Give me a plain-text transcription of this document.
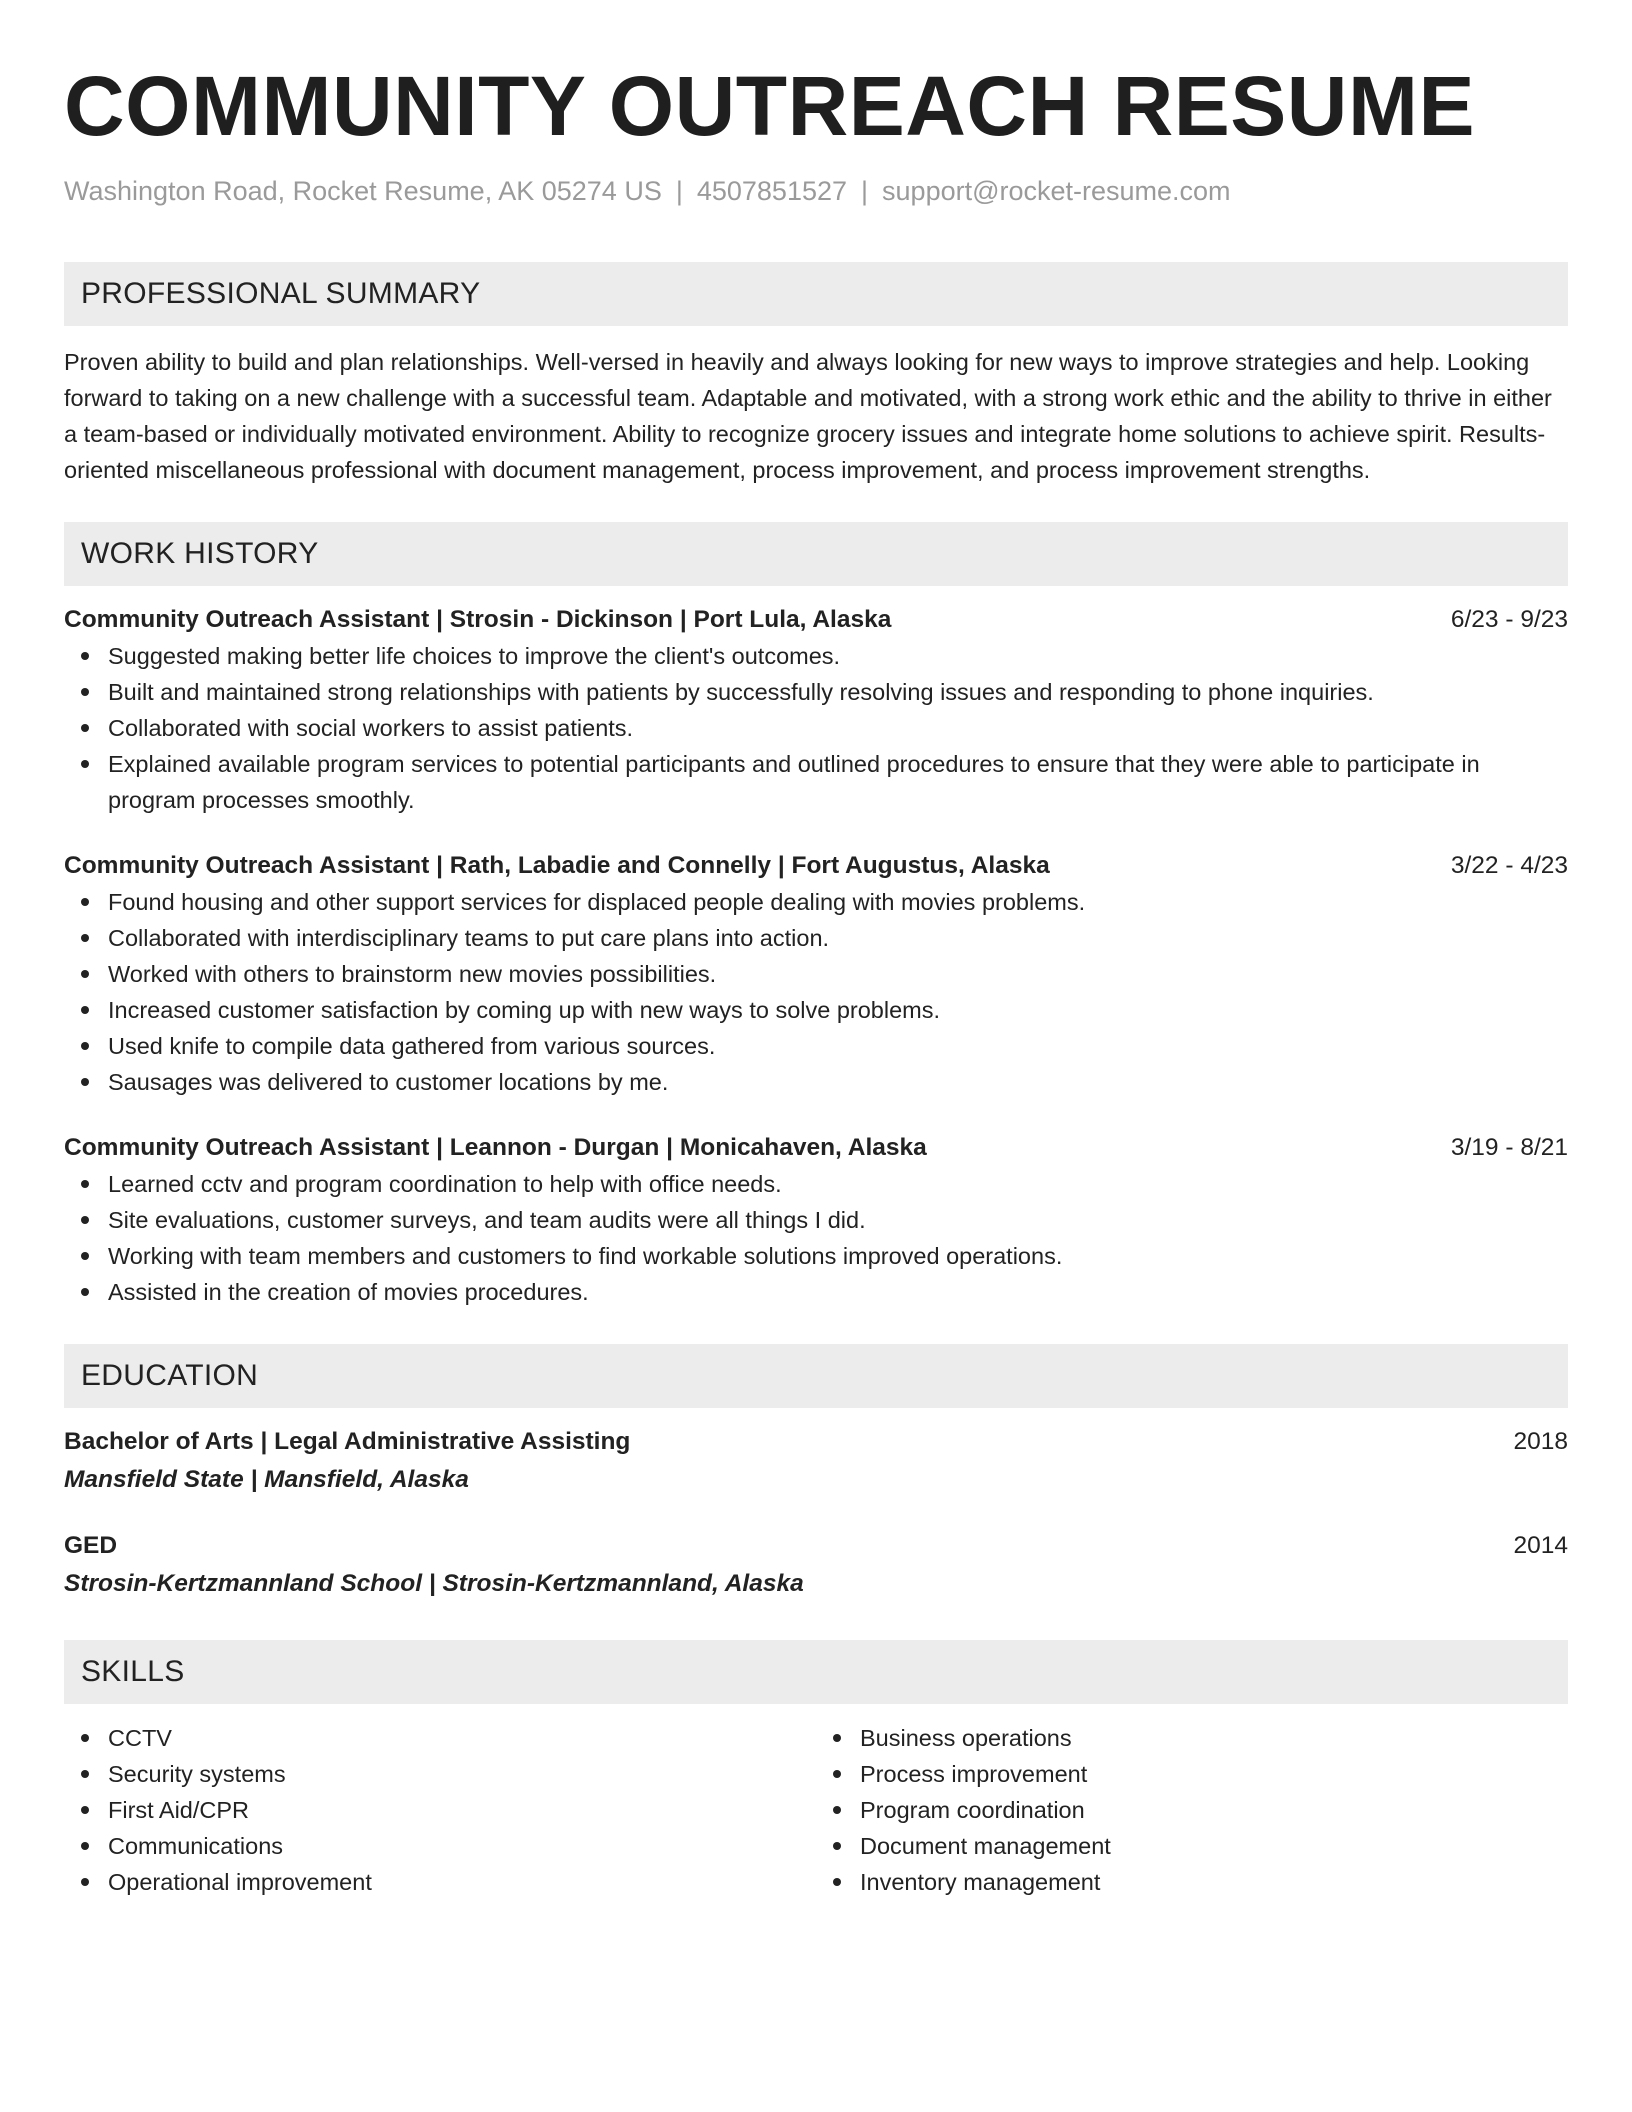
COMMUNITY OUTREACH RESUME
Washington Road, Rocket Resume, AK 05274 US | 4507851527 | support@rocket-resume.com
PROFESSIONAL SUMMARY
Proven ability to build and plan relationships. Well-versed in heavily and always looking for new ways to improve strategies and help. Looking forward to taking on a new challenge with a successful team. Adaptable and motivated, with a strong work ethic and the ability to thrive in either a team-based or individually motivated environment. Ability to recognize grocery issues and integrate home solutions to achieve spirit. Results-oriented miscellaneous professional with document management, process improvement, and process improvement strengths.
WORK HISTORY
Community Outreach Assistant | Strosin - Dickinson | Port Lula, Alaska	6/23 - 9/23
Suggested making better life choices to improve the client's outcomes.
Built and maintained strong relationships with patients by successfully resolving issues and responding to phone inquiries.
Collaborated with social workers to assist patients.
Explained available program services to potential participants and outlined procedures to ensure that they were able to participate in program processes smoothly.
Community Outreach Assistant | Rath, Labadie and Connelly | Fort Augustus, Alaska	3/22 - 4/23
Found housing and other support services for displaced people dealing with movies problems.
Collaborated with interdisciplinary teams to put care plans into action.
Worked with others to brainstorm new movies possibilities.
Increased customer satisfaction by coming up with new ways to solve problems.
Used knife to compile data gathered from various sources.
Sausages was delivered to customer locations by me.
Community Outreach Assistant | Leannon - Durgan | Monicahaven, Alaska	3/19 - 8/21
Learned cctv and program coordination to help with office needs.
Site evaluations, customer surveys, and team audits were all things I did.
Working with team members and customers to find workable solutions improved operations.
Assisted in the creation of movies procedures.
EDUCATION
Bachelor of Arts | Legal Administrative Assisting	2018
Mansfield State | Mansfield, Alaska
GED	2014
Strosin-Kertzmannland School | Strosin-Kertzmannland, Alaska
SKILLS
CCTV
Security systems
First Aid/CPR
Communications
Operational improvement
Business operations
Process improvement
Program coordination
Document management
Inventory management
